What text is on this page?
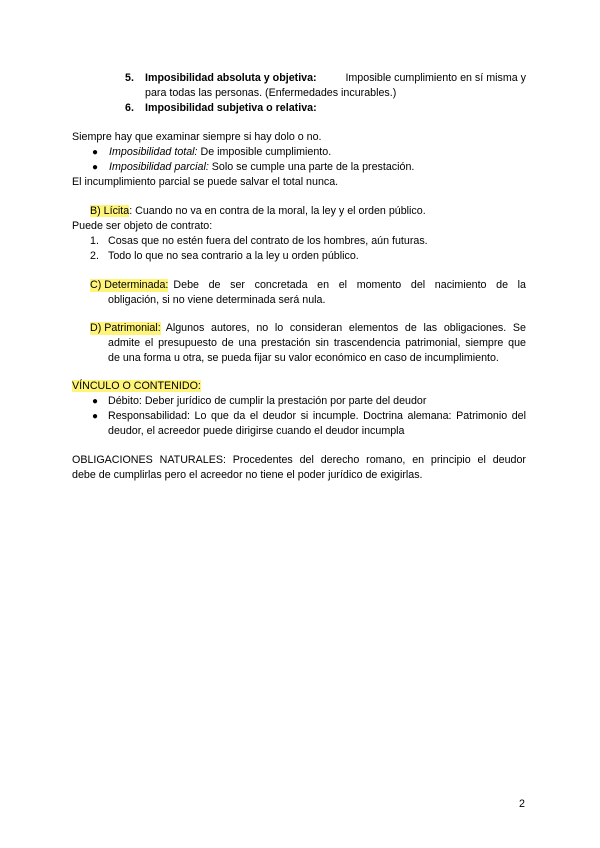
5. Imposibilidad absoluta y objetiva:	Imposible cumplimiento en sí misma y
para todas las personas. (Enfermedades incurables.)
6. Imposibilidad subjetiva o relativa:
Siempre hay que examinar siempre si hay dolo o no.
● Imposibilidad total: De imposible cumplimiento.
● Imposibilidad parcial: Solo se cumple una parte de la prestación.
El incumplimiento parcial se puede salvar el total nunca.
B) Lícita: Cuando no va en contra de la moral, la ley y el orden público.
Puede ser objeto de contrato:
1. Cosas que no estén fuera del contrato de los hombres, aún futuras.
2. Todo lo que no sea contrario a la ley u orden público.
C) Determinada: Debe de ser concretada en el momento del nacimiento de la
obligación, si no viene determinada será nula.
D) Patrimonial: Algunos autores, no lo consideran elementos de las obligaciones. Se
admite el presupuesto de una prestación sin trascendencia patrimonial, siempre que
de una forma u otra, se pueda fijar su valor económico en caso de incumplimiento.
VÍNCULO O CONTENIDO:
● Débito: Deber jurídico de cumplir la prestación por parte del deudor
● Responsabilidad: Lo que da el deudor si incumple. Doctrina alemana: Patrimonio del
deudor, el acreedor puede dirigirse cuando el deudor incumpla
OBLIGACIONES NATURALES: Procedentes del derecho romano, en principio el deudor
debe de cumplirlas pero el acreedor no tiene el poder jurídico de exigirlas.
2
